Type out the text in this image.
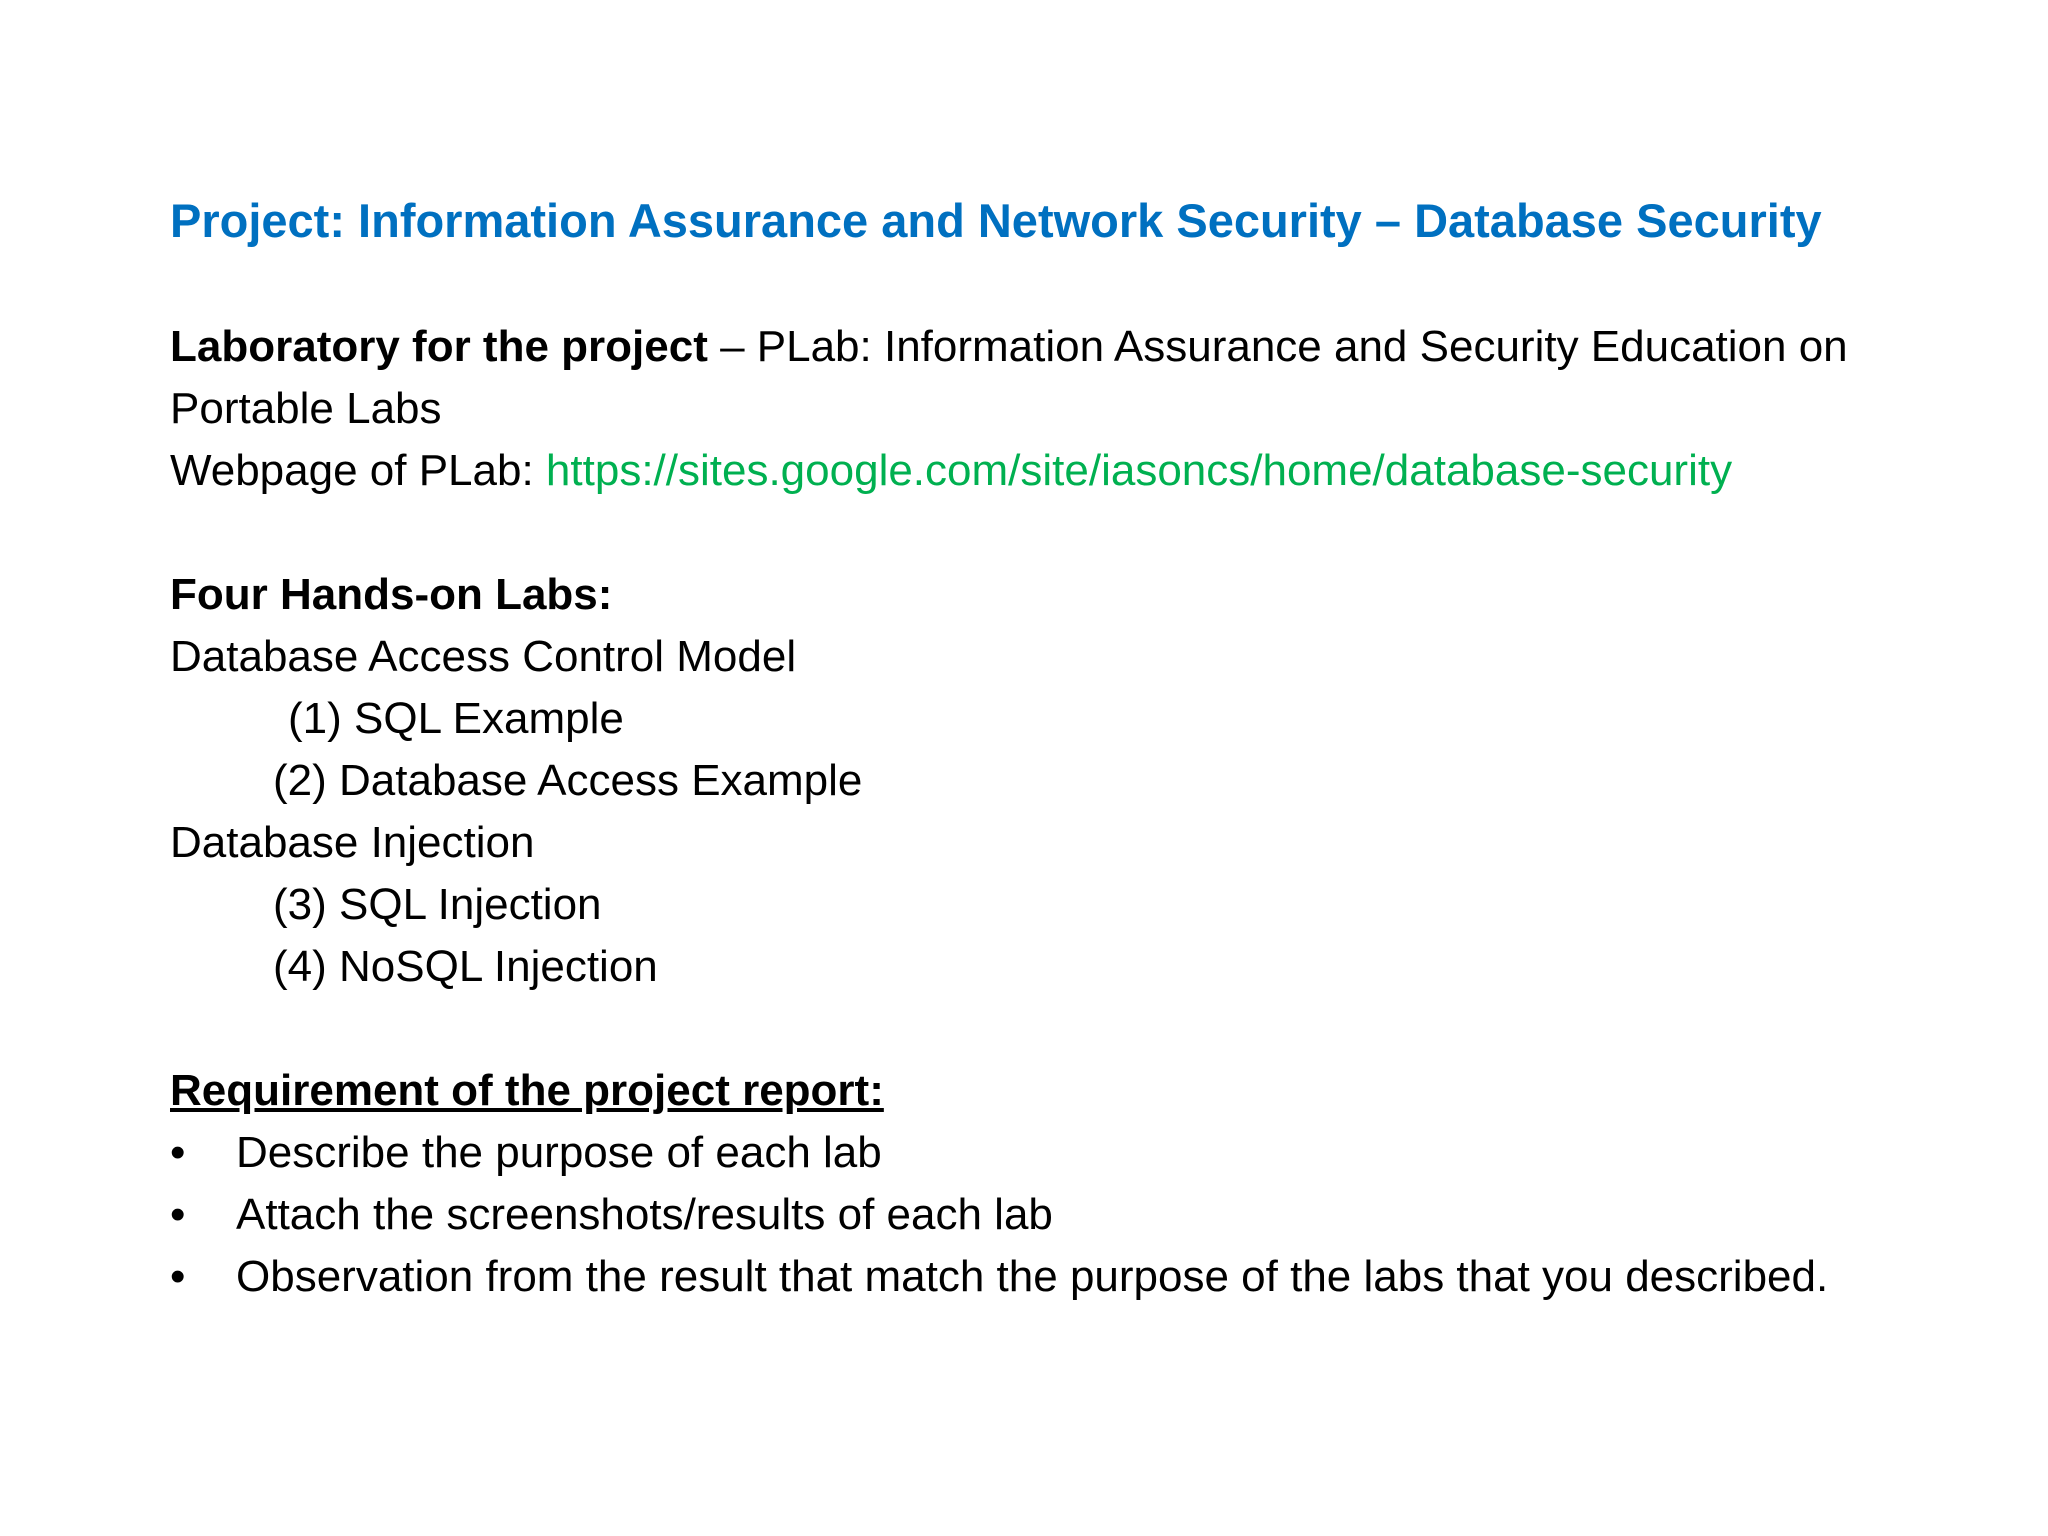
Project: Information Assurance and Network Security – Database Security
Laboratory for the project – PLab: Information Assurance and Security Education on
Portable Labs
Webpage of PLab: https://sites.google.com/site/iasoncs/home/database-security
Four Hands-on Labs:
Database Access Control Model
(1) SQL Example
(2) Database Access Example
Database Injection
(3) SQL Injection
(4) NoSQL Injection
Requirement of the project report:
•	Describe the purpose of each lab
•	Attach the screenshots/results of each lab
•	Observation from the result that match the purpose of the labs that you described.
